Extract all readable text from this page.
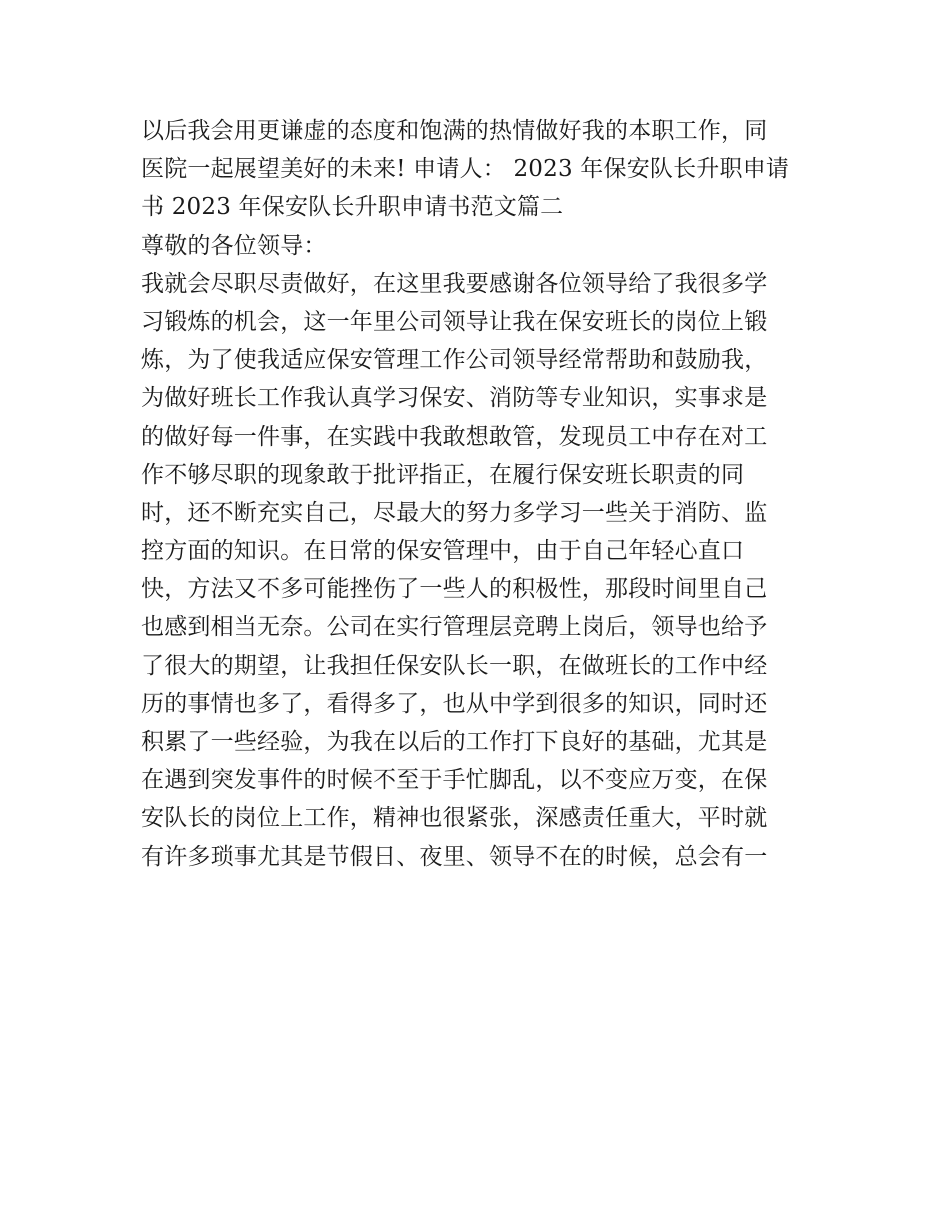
以后我会用更谦虚的态度和饱满的热情做好我的本职工作，同
医院一起展望美好的未来! 申请人： 2023 年保安队长升职申请
书 2023 年保安队长升职申请书范文篇二
尊敬的各位领导：
我就会尽职尽责做好，在这里我要感谢各位领导给了我很多学
习锻炼的机会，这一年里公司领导让我在保安班长的岗位上锻
炼，为了使我适应保安管理工作公司领导经常帮助和鼓励我，
为做好班长工作我认真学习保安、消防等专业知识，实事求是
的做好每一件事，在实践中我敢想敢管，发现员工中存在对工
作不够尽职的现象敢于批评指正，在履行保安班长职责的同
时，还不断充实自己，尽最大的努力多学习一些关于消防、监
控方面的知识。在日常的保安管理中，由于自己年轻心直口
快，方法又不多可能挫伤了一些人的积极性，那段时间里自己
也感到相当无奈。公司在实行管理层竞聘上岗后，领导也给予
了很大的期望，让我担任保安队长一职，在做班长的工作中经
历的事情也多了，看得多了，也从中学到很多的知识，同时还
积累了一些经验，为我在以后的工作打下良好的基础，尤其是
在遇到突发事件的时候不至于手忙脚乱，以不变应万变，在保
安队长的岗位上工作，精神也很紧张，深感责任重大，平时就
有许多琐事尤其是节假日、夜里、领导不在的时候，总会有一
